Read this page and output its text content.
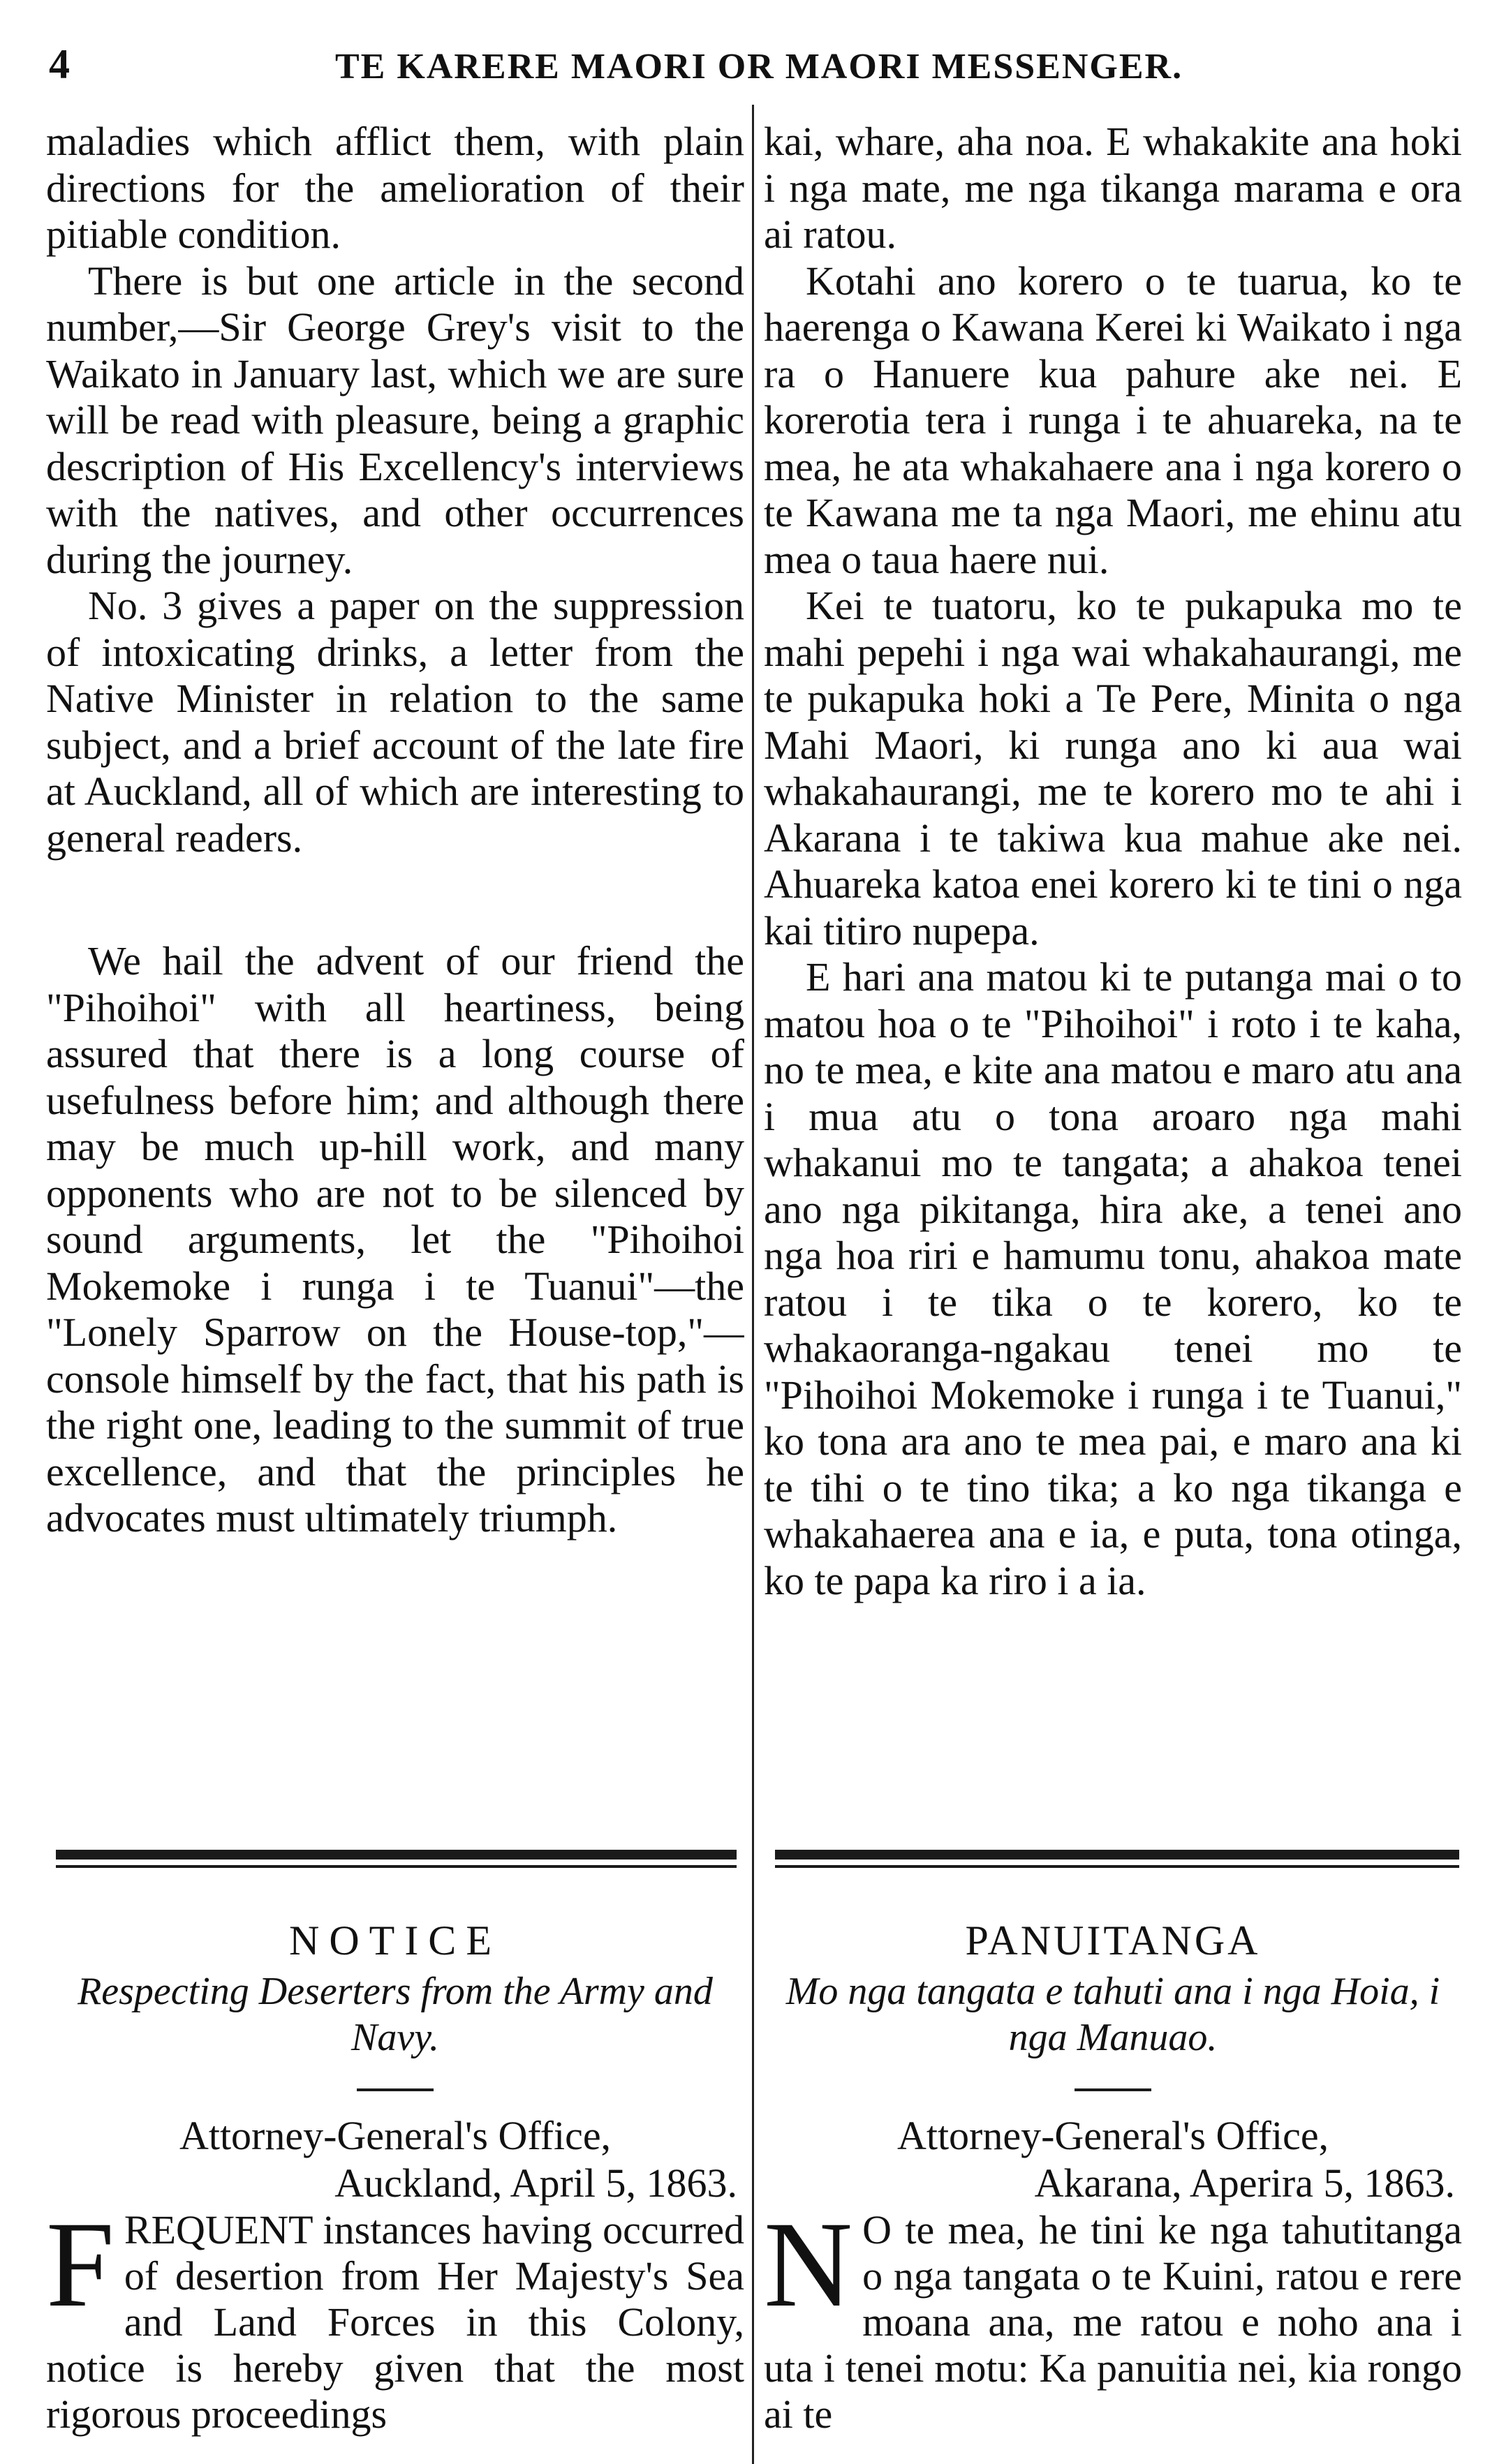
4	TE KARERE MAORI OR MAORI MESSENGER.

maladies which afflict them, with plain directions for the amelioration of their pitiable condition.

There is but one article in the second number,—Sir George Grey's visit to the Waikato in January last, which we are sure will be read with pleasure, being a graphic description of His Excellency's interviews with the natives, and other occurrences during the journey.

No. 3 gives a paper on the suppression of intoxicating drinks, a letter from the Native Minister in relation to the same subject, and a brief account of the late fire at Auckland, all of which are interesting to general readers.

We hail the advent of our friend the "Pihoihoi" with all heartiness, being assured that there is a long course of usefulness before him; and although there may be much up-hill work, and many opponents who are not to be silenced by sound arguments, let the "Pihoihoi Mokemoke i runga i te Tuanui"—the "Lonely Sparrow on the House-top,"—console himself by the fact, that his path is the right one, leading to the summit of true excellence, and that the principles he advocates must ultimately triumph.

kai, whare, aha noa. E whakakite ana hoki i nga mate, me nga tikanga marama e ora ai ratou.

Kotahi ano korero o te tuarua, ko te haerenga o Kawana Kerei ki Waikato i nga ra o Hanuere kua pahure ake nei. E korerotia tera i runga i te ahuareka, na te mea, he ata whakahaere ana i nga korero o te Kawana me ta nga Maori, me ehinu atu mea o taua haere nui.

Kei te tuatoru, ko te pukapuka mo te mahi pepehi i nga wai whakahaurangi, me te pukapuka hoki a Te Pere, Minita o nga Mahi Maori, ki runga ano ki aua wai whakahaurangi, me te korero mo te ahi i Akarana i te takiwa kua mahue ake nei. Ahuareka katoa enei korero ki te tini o nga kai titiro nupepa.

E hari ana matou ki te putanga mai o to matou hoa o te "Pihoihoi" i roto i te kaha, no te mea, e kite ana matou e maro atu ana i mua atu o tona aroaro nga mahi whakanui mo te tangata; a ahakoa tenei ano nga pikitanga, hira ake, a tenei ano nga hoa riri e hamumu tonu, ahakoa mate ratou i te tika o te korero, ko te whakaoranga-ngakau tenei mo te "Pihoihoi Mokemoke i runga i te Tuanui," ko tona ara ano te mea pai, e maro ana ki te tihi o te tino tika; a ko nga tikanga e whakahaerea ana e ia, e puta, tona otinga, ko te papa ka riro i a ia.

NOTICE

Respecting Deserters from the Army and Navy.

Attorney-General's Office,

Auckland, April 5, 1863.

FREQUENT instances having occurred of desertion from Her Majesty's Sea and Land Forces in this Colony, notice is hereby given that the most rigorous proceedings

PANUITANGA

Mo nga tangata e tahuti ana i nga Hoia, i nga Manuao.

Attorney-General's Office,

Akarana, Aperira 5, 1863.

N O te mea, he tini ke nga tahutitanga o nga tangata o te Kuini, ratou e rere moana ana, me ratou e noho ana i uta i tenei motu: Ka panuitia nei, kia rongo ai te
